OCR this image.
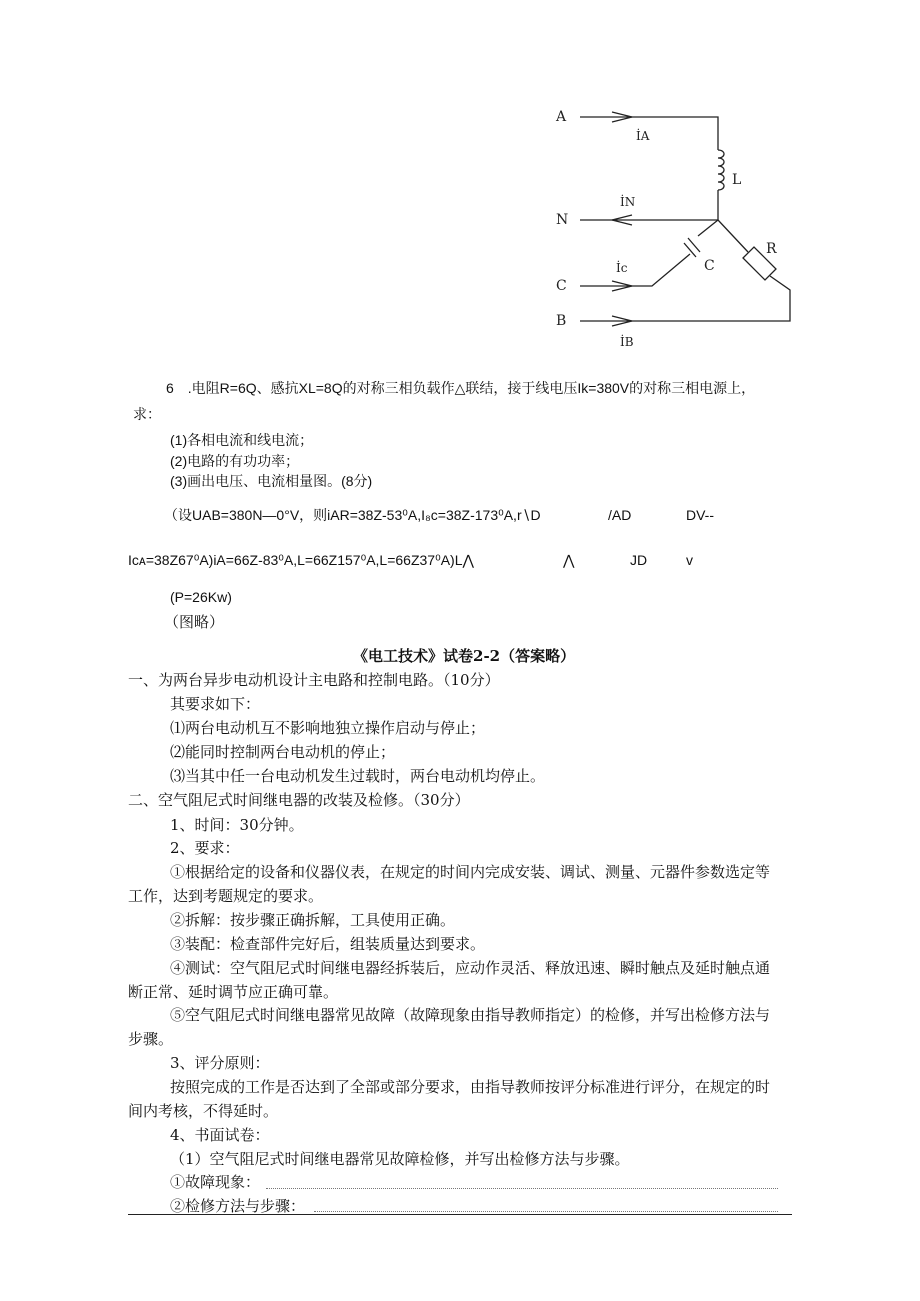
A
N
C
B
İA
İN
İc
İB
L
C
R
6　.电阻R=6Q、感抗XL=8Q的对称三相负载作△联结，接于线电压Ik=380V的对称三相电源上，
求：
(1)各相电流和线电流；
(2)电路的有功功率；
(3)画出电压、电流相量图。(8分)
（设UAB=380N—0°V，则iAR=38Z-53⁰A,I₈c=38Z-173⁰A,r∖D	/AD	DV--
Iᴄᴀ=38Z67⁰A)iA=66Z-83⁰A,L=66Z157⁰A,L=66Z37⁰A)L⋀	⋀	JD	v
(P=26Kw)
（图略）
《电工技术》试卷2-2（答案略）
一、为两台异步电动机设计主电路和控制电路。（10分）
其要求如下：
⑴两台电动机互不影响地独立操作启动与停止；
⑵能同时控制两台电动机的停止；
⑶当其中任一台电动机发生过载时，两台电动机均停止。
二、空气阻尼式时间继电器的改装及检修。（30分）
1、时间：30分钟。
2、要求：
①根据给定的设备和仪器仪表，在规定的时间内完成安装、调试、测量、元器件参数选定等
工作，达到考题规定的要求。
②拆解：按步骤正确拆解，工具使用正确。
③装配：检查部件完好后，组装质量达到要求。
④测试：空气阻尼式时间继电器经拆装后，应动作灵活、释放迅速、瞬时触点及延时触点通
断正常、延时调节应正确可靠。
⑤空气阻尼式时间继电器常见故障（故障现象由指导教师指定）的检修，并写出检修方法与
步骤。
3、评分原则：
按照完成的工作是否达到了全部或部分要求，由指导教师按评分标准进行评分，在规定的时
间内考核，不得延时。
4、书面试卷：
（1）空气阻尼式时间继电器常见故障检修，并写出检修方法与步骤。
①故障现象：
②检修方法与步骤：
